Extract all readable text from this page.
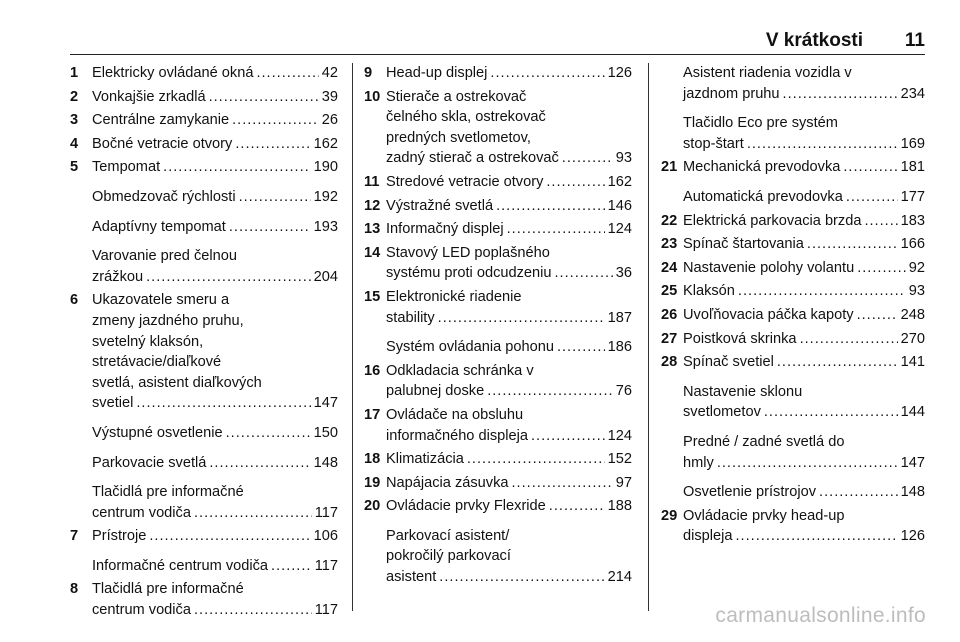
V krátkosti 11
1 Elektricky ovládané okná .....	42
2 Vonkajšie zrkadlá .....	39
3 Centrálne zamykanie .....	26
4 Bočné vetracie otvory .....	162
5 Tempomat .....	190
Obmedzovač rýchlosti .....	192
Adaptívny tempomat .....	193
Varovanie pred čelnou
zrážkou .....	204
6 Ukazovatele smeru a
zmeny jazdného pruhu,
svetelný klaksón,
stretávacie/diaľkové
svetlá, asistent diaľkových
svetiel .....	147
Výstupné osvetlenie .....	150
Parkovacie svetlá .....	148
Tlačidlá pre informačné
centrum vodiča .....	117
7 Prístroje .....	106
Informačné centrum vodiča .....	117
8 Tlačidlá pre informačné
centrum vodiča .....	117
9 Head-up displej .....	126
10 Stierače a ostrekovač
čelného skla, ostrekovač
predných svetlometov,
zadný stierač a ostrekovač .....	93
11 Stredové vetracie otvory .....	162
12 Výstražné svetlá .....	146
13 Informačný displej .....	124
14 Stavový LED poplašného
systému proti odcudzeniu .....	36
15 Elektronické riadenie
stability .....	187
Systém ovládania pohonu .....	186
16 Odkladacia schránka v
palubnej doske .....	76
17 Ovládače na obsluhu
informačného displeja .....	124
18 Klimatizácia .....	152
19 Napájacia zásuvka .....	97
20 Ovládacie prvky Flexride .....	188
Parkovací asistent/
pokročilý parkovací
asistent .....	214
Asistent riadenia vozidla v
jazdnom pruhu .....	234
Tlačidlo Eco pre systém
stop-štart .....	169
21 Mechanická prevodovka .....	181
Automatická prevodovka .....	177
22 Elektrická parkovacia brzda .....	183
23 Spínač štartovania .....	166
24 Nastavenie polohy volantu .....	92
25 Klaksón .....	93
26 Uvoľňovacia páčka kapoty .....	248
27 Poistková skrinka .....	270
28 Spínač svetiel .....	141
Nastavenie sklonu
svetlometov .....	144
Predné / zadné svetlá do
hmly .....	147
Osvetlenie prístrojov .....	148
29 Ovládacie prvky head-up
displeja .....	126
carmanualsonline.info
